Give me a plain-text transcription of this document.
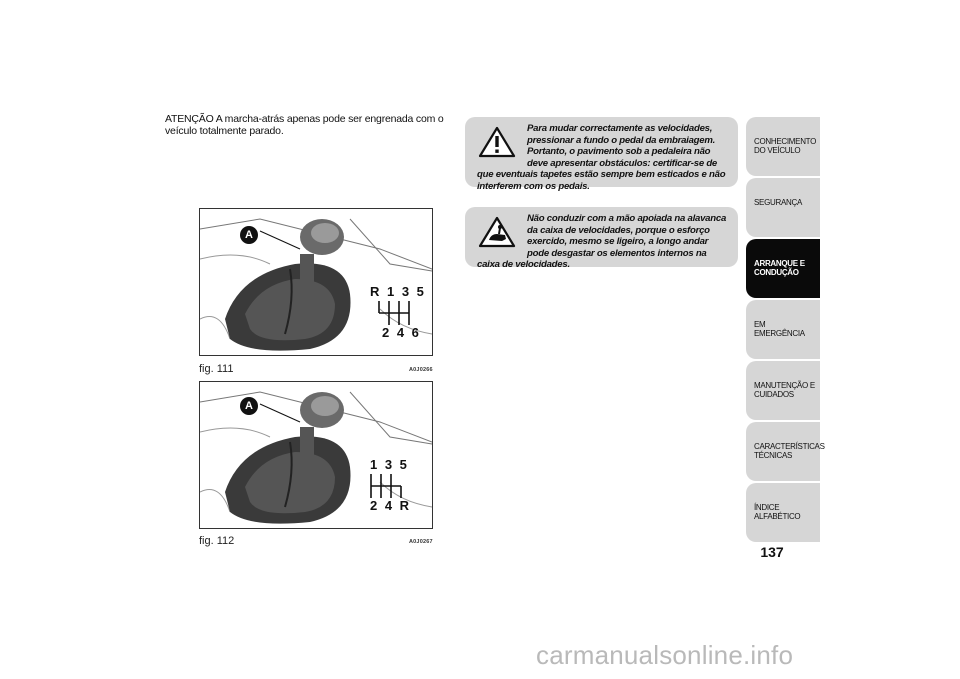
ATENÇÃO A marcha-atrás apenas pode ser engrenada com o veículo totalmente parado.	Para mudar correctamente as velocidades, pressionar a fundo o pedal da embraiagem. Portanto, o pavimento sob a pedaleira não deve apresentar obstáculos: certificar-se de que eventuais tapetes estão sempre bem esticados e não interferem com os pedais.
Não conduzir com a mão apoiada na alavanca da caixa de velocidades, porque o esforço exercido, mesmo se ligeiro, a longo andar pode desgastar os elementos internos na caixa de velocidades.
R 1 3 5
2 4 6
A
fig. 111	A0J0266
1 3 5
2 4 R
A
fig. 112	A0J0267
CONHECIMENTO DO VEÍCULO
SEGURANÇA
ARRANQUE E CONDUÇÃO
EM EMERGÊNCIA
MANUTENÇÃO E CUIDADOS
CARACTERÍSTICAS TÉCNICAS
ÍNDICE ALFABÉTICO
137
carmanualsonline.info
